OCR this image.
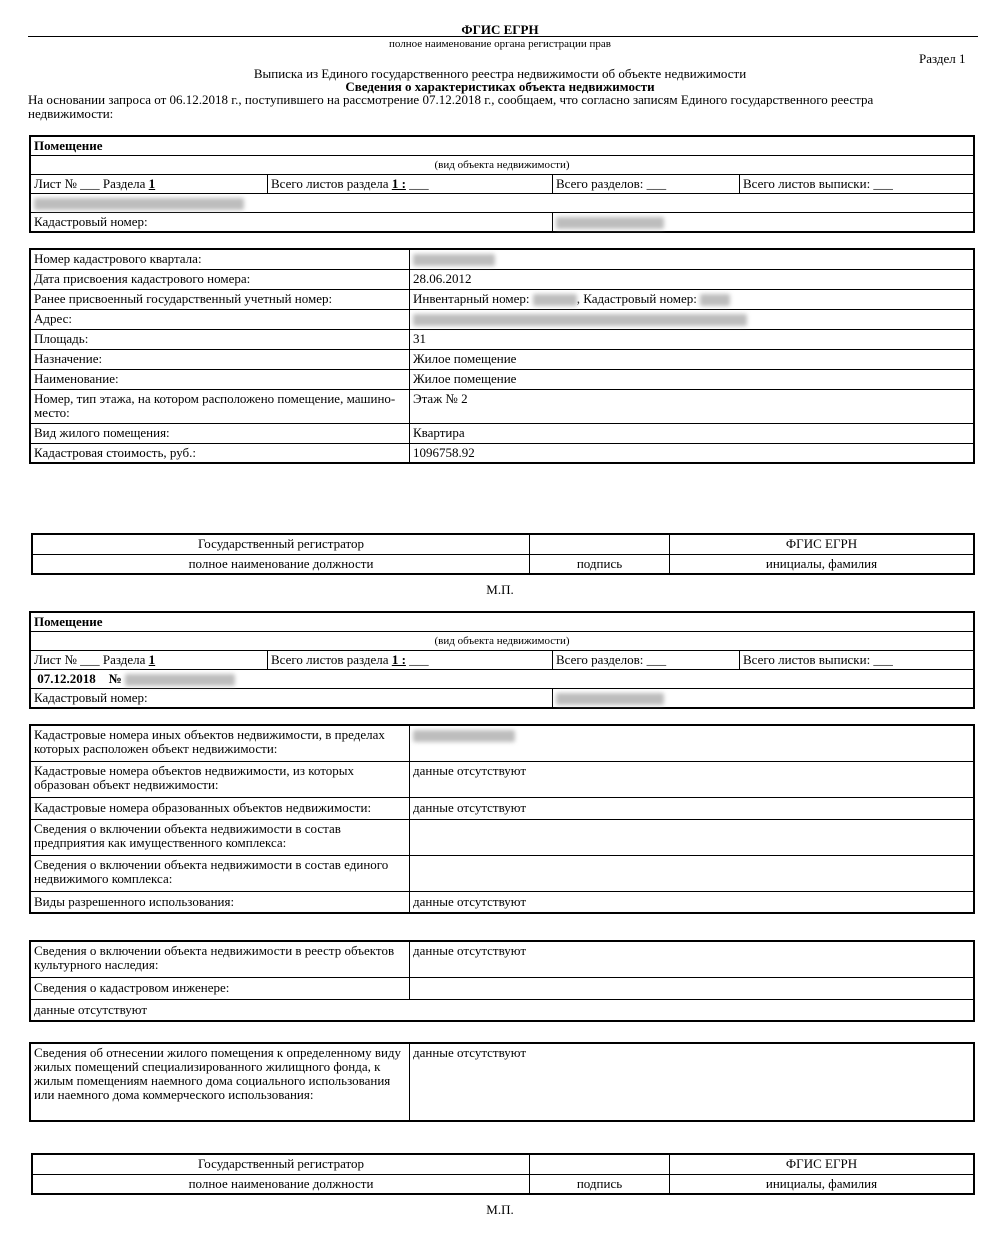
ФГИС ЕГРН
полное наименование органа регистрации прав
Раздел 1
Выписка из Единого государственного реестра недвижимости об объекте недвижимости
Сведения о характеристиках объекта недвижимости
На основании запроса от 06.12.2018 г., поступившего на рассмотрение 07.12.2018 г., сообщаем, что согласно записям Единого государственного реестра недвижимости:
Помещение			
(вид объекта недвижимости)			
Лист № ___ Раздела 1	Всего листов раздела 1 : ___	Всего разделов: ___	Всего листов выписки: ___

Кадастровый номер:			
Номер кадастрового квартала:	
Дата присвоения кадастрового номера:	28.06.2012
Ранее присвоенный государственный учетный номер:	Инвентарный номер: , Кадастровый номер:
Адрес:	
Площадь:	31
Назначение:	Жилое помещение
Наименование:	Жилое помещение
Номер, тип этажа, на котором расположено помещение, машино-место:	Этаж № 2
Вид жилого помещения:	Квартира
Кадастровая стоимость, руб.:	1096758.92
Государственный регистратор		ФГИС ЕГРН
полное наименование должности	подпись	инициалы, фамилия
М.П.
Помещение			
(вид объекта недвижимости)			
Лист № ___ Раздела 1	Всего листов раздела 1 : ___	Всего разделов: ___	Всего листов выписки: ___
07.12.2018 №			
Кадастровый номер:			
Кадастровые номера иных объектов недвижимости, в пределах которых расположен объект недвижимости:	
Кадастровые номера объектов недвижимости, из которых образован объект недвижимости:	данные отсутствуют
Кадастровые номера образованных объектов недвижимости:	данные отсутствуют
Сведения о включении объекта недвижимости в состав предприятия как имущественного комплекса:	
Сведения о включении объекта недвижимости в состав единого недвижимого комплекса:	
Виды разрешенного использования:	данные отсутствуют
Сведения о включении объекта недвижимости в реестр объектов культурного наследия:	данные отсутствуют
Сведения о кадастровом инженере:	
данные отсутствуют	
Сведения об отнесении жилого помещения к определенному виду жилых помещений специализированного жилищного фонда, к жилым помещениям наемного дома социального использования или наемного дома коммерческого использования:	данные отсутствуют
Государственный регистратор		ФГИС ЕГРН
полное наименование должности	подпись	инициалы, фамилия
М.П.
